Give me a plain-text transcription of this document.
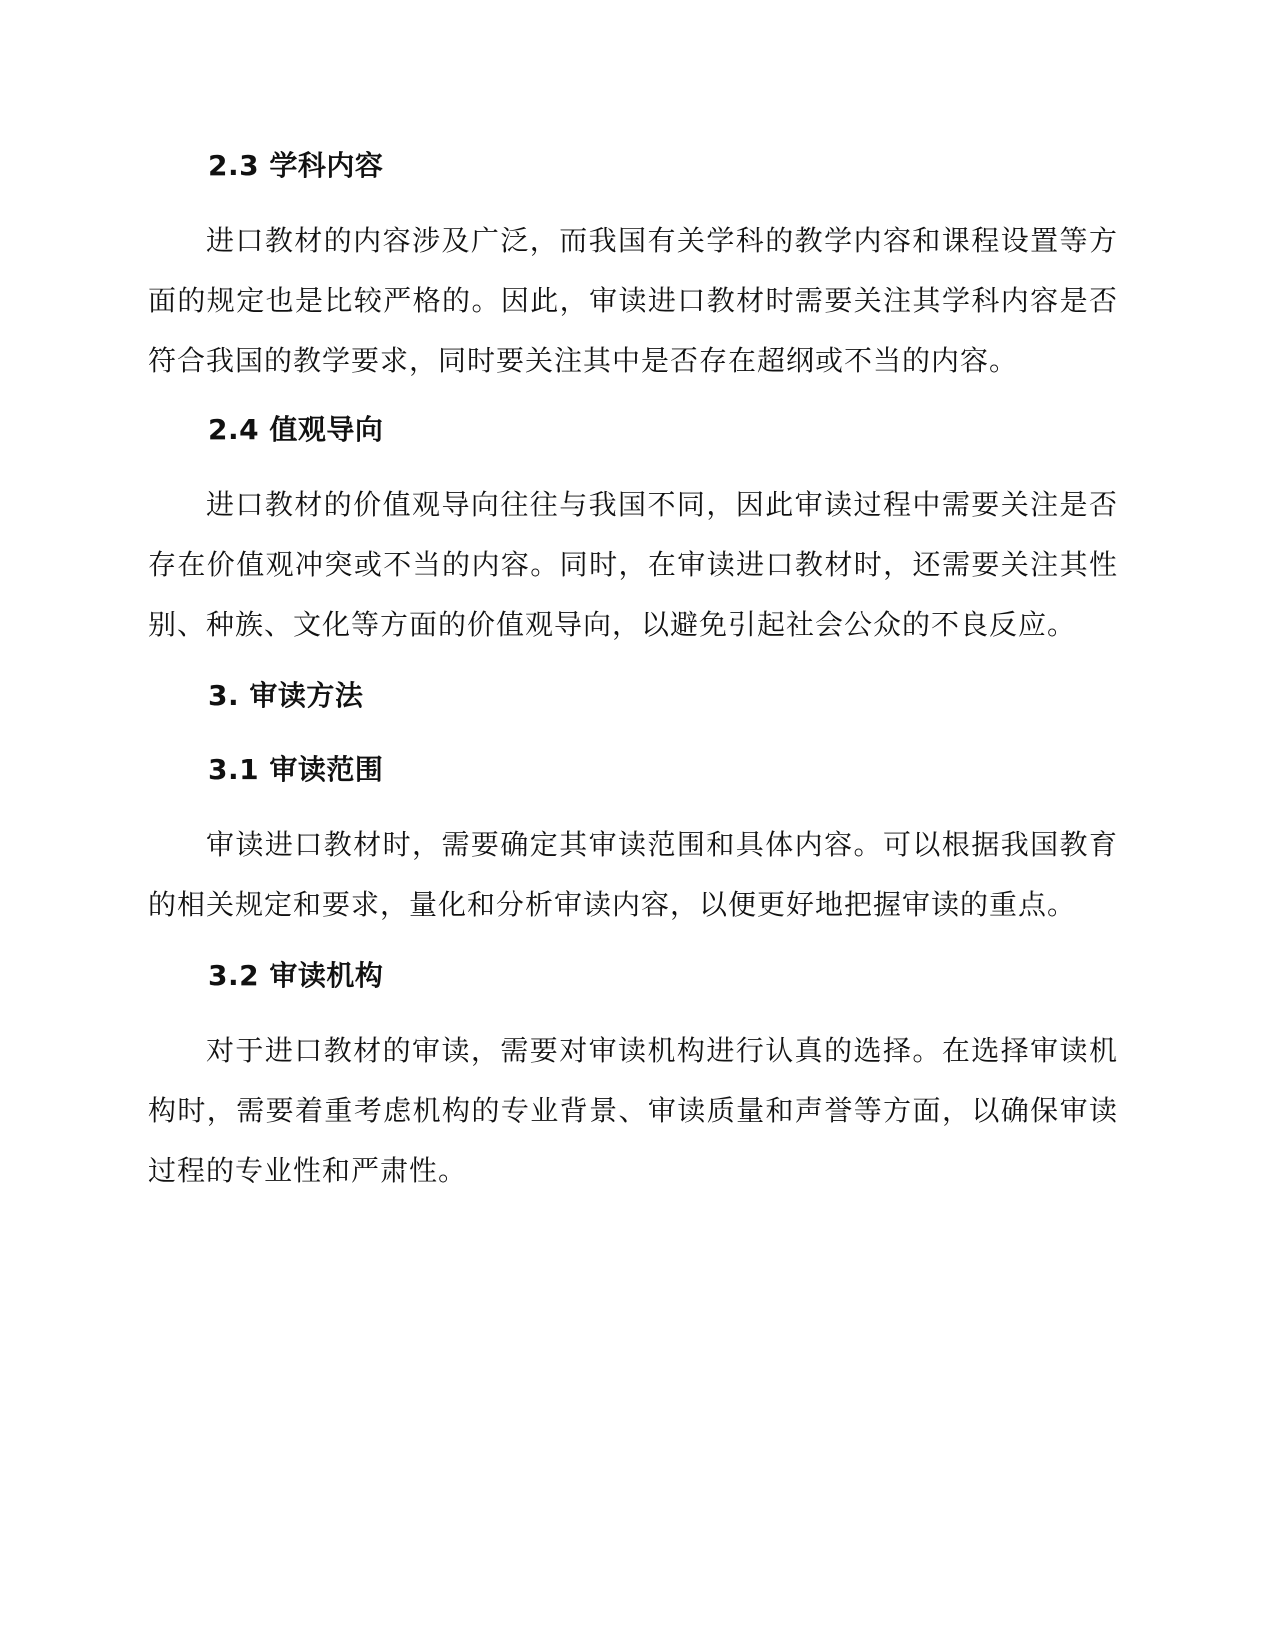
2.3 学科内容

进口教材的内容涉及广泛，而我国有关学科的教学内容和课程设置等方面的规定也是比较严格的。因此，审读进口教材时需要关注其学科内容是否符合我国的教学要求，同时要关注其中是否存在超纲或不当的内容。

2.4 值观导向

进口教材的价值观导向往往与我国不同，因此审读过程中需要关注是否存在价值观冲突或不当的内容。同时，在审读进口教材时，还需要关注其性别、种族、文化等方面的价值观导向，以避免引起社会公众的不良反应。

3. 审读方法
3.1 审读范围

审读进口教材时，需要确定其审读范围和具体内容。可以根据我国教育的相关规定和要求，量化和分析审读内容，以便更好地把握审读的重点。

3.2 审读机构

对于进口教材的审读，需要对审读机构进行认真的选择。在选择审读机构时，需要着重考虑机构的专业背景、审读质量和声誉等方面，以确保审读过程的专业性和严肃性。
